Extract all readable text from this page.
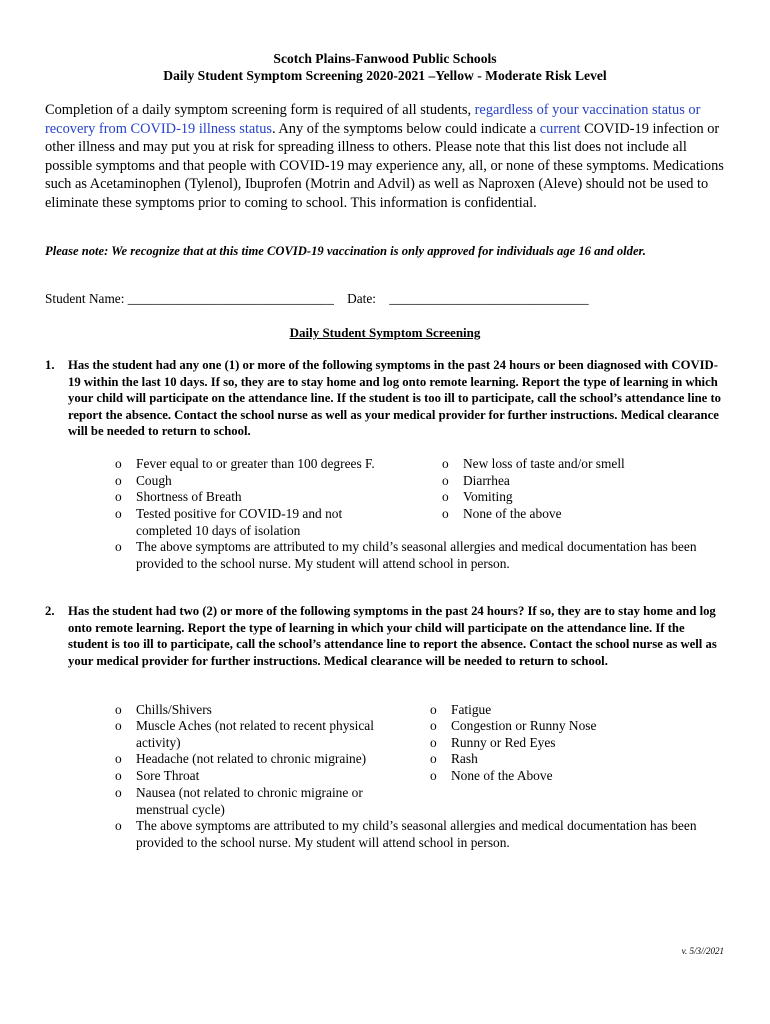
Scotch Plains-Fanwood Public Schools
Daily Student Symptom Screening 2020-2021 –Yellow - Moderate Risk Level
Completion of a daily symptom screening form is required of all students, regardless of your vaccination status or recovery from COVID-19 illness status. Any of the symptoms below could indicate a current COVID-19 infection or other illness and may put you at risk for spreading illness to others. Please note that this list does not include all possible symptoms and that people with COVID-19 may experience any, all, or none of these symptoms. Medications such as Acetaminophen (Tylenol), Ibuprofen (Motrin and Advil) as well as Naproxen (Aleve) should not be used to eliminate these symptoms prior to coming to school. This information is confidential.
Please note: We recognize that at this time COVID-19 vaccination is only approved for individuals age 16 and older.
Student Name: _______________________________ Date: ______________________________
Daily Student Symptom Screening
1. Has the student had any one (1) or more of the following symptoms in the past 24 hours or been diagnosed with COVID-19 within the last 10 days. If so, they are to stay home and log onto remote learning. Report the type of learning in which your child will participate on the attendance line. If the student is too ill to participate, call the school’s attendance line to report the absence. Contact the school nurse as well as your medical provider for further instructions. Medical clearance will be needed to return to school.
o Fever equal to or greater than 100 degrees F.
o Cough
o Shortness of Breath
o Tested positive for COVID-19 and not completed 10 days of isolation
o New loss of taste and/or smell
o Diarrhea
o Vomiting
o None of the above
o The above symptoms are attributed to my child’s seasonal allergies and medical documentation has been provided to the school nurse. My student will attend school in person.
2. Has the student had two (2) or more of the following symptoms in the past 24 hours? If so, they are to stay home and log onto remote learning. Report the type of learning in which your child will participate on the attendance line. If the student is too ill to participate, call the school’s attendance line to report the absence. Contact the school nurse as well as your medical provider for further instructions. Medical clearance will be needed to return to school.
o Chills/Shivers
o Muscle Aches (not related to recent physical activity)
o Headache (not related to chronic migraine)
o Sore Throat
o Nausea (not related to chronic migraine or menstrual cycle)
o Fatigue
o Congestion or Runny Nose
o Runny or Red Eyes
o Rash
o None of the Above
o The above symptoms are attributed to my child’s seasonal allergies and medical documentation has been provided to the school nurse. My student will attend school in person.
v. 5/3//2021
